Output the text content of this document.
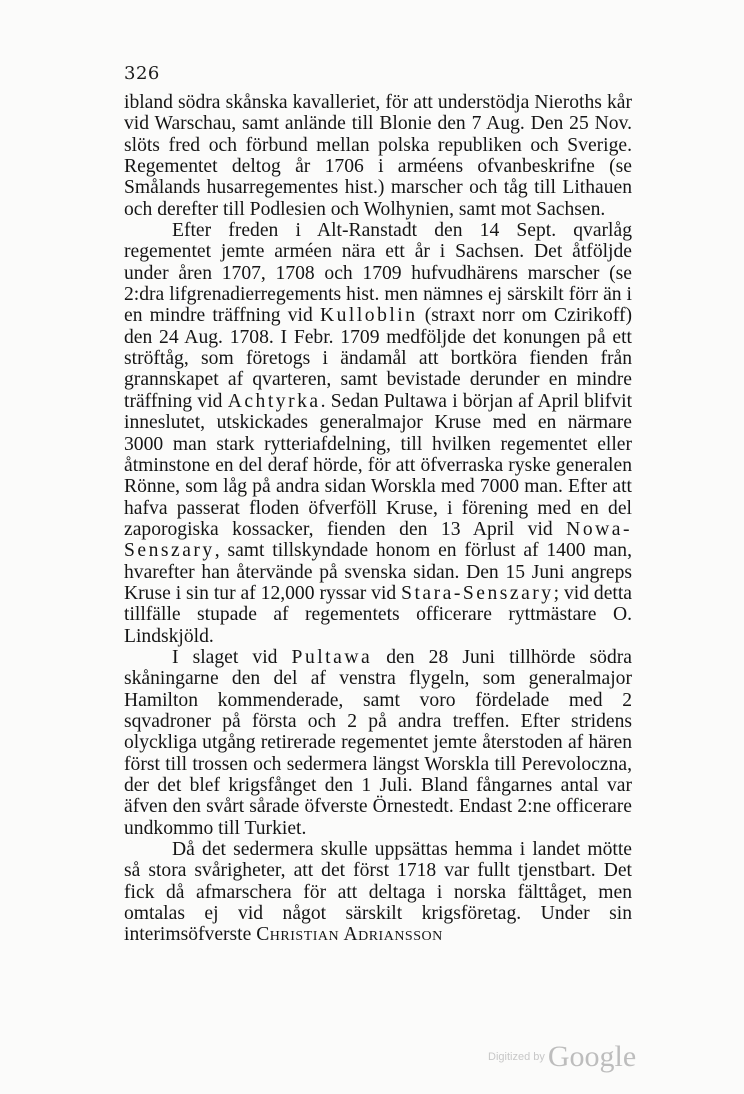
326

ibland södra skånska kavalleriet, för att understödja Nieroths kår vid Warschau, samt anlände till Blonie den 7 Aug. Den 25 Nov. slöts fred och förbund mellan polska republiken och Sverige. Regementet deltog år 1706 i arméens ofvanbeskrifne (se Smålands husarregementes hist.) marscher och tåg till Lithauen och derefter till Podlesien och Wolhynien, samt mot Sachsen.

Efter freden i Alt-Ranstadt den 14 Sept. qvarlåg regementet jemte arméen nära ett år i Sachsen. Det åtföljde under åren 1707, 1708 och 1709 hufvudhärens marscher (se 2:dra lifgrenadierregements hist. men nämnes ej särskilt förr än i en mindre träffning vid Kulloblin (straxt norr om Czirikoff) den 24 Aug. 1708. I Febr. 1709 medföljde det konungen på ett ströftåg, som företogs i ändamål att bortköra fienden från grannskapet af qvarteren, samt bevistade derunder en mindre träffning vid Achtyrka. Sedan Pultawa i början af April blifvit inneslutet, utskickades generalmajor Kruse med en närmare 3000 man stark rytteriafdelning, till hvilken regementet eller åtminstone en del deraf hörde, för att öfverraska ryske generalen Rönne, som låg på andra sidan Worskla med 7000 man. Efter att hafva passerat floden öfverföll Kruse, i förening med en del zaporogiska kossacker, fienden den 13 April vid Nowa-Senszary, samt tillskyndade honom en förlust af 1400 man, hvarefter han återvände på svenska sidan. Den 15 Juni angreps Kruse i sin tur af 12,000 ryssar vid Stara-Senszary; vid detta tillfälle stupade af regementets officerare ryttmästare O. Lindskjöld.

I slaget vid Pultawa den 28 Juni tillhörde södra skåningarne den del af venstra flygeln, som generalmajor Hamilton kommenderade, samt voro fördelade med 2 sqvadroner på första och 2 på andra treffen. Efter stridens olyckliga utgång retirerade regementet jemte återstoden af hären först till trossen och sedermera längst Worskla till Perevoloczna, der det blef krigsfånget den 1 Juli. Bland fångarnes antal var äfven den svårt sårade öfverste Örnestedt. Endast 2:ne officerare undkommo till Turkiet.

Då det sedermera skulle uppsättas hemma i landet mötte så stora svårigheter, att det först 1718 var fullt tjenstbart. Det fick då afmarschera för att deltaga i norska fälttåget, men omtalas ej vid något särskilt krigsföretag. Under sin interimsöfverste Christian Adriansson

Digitized by Google
